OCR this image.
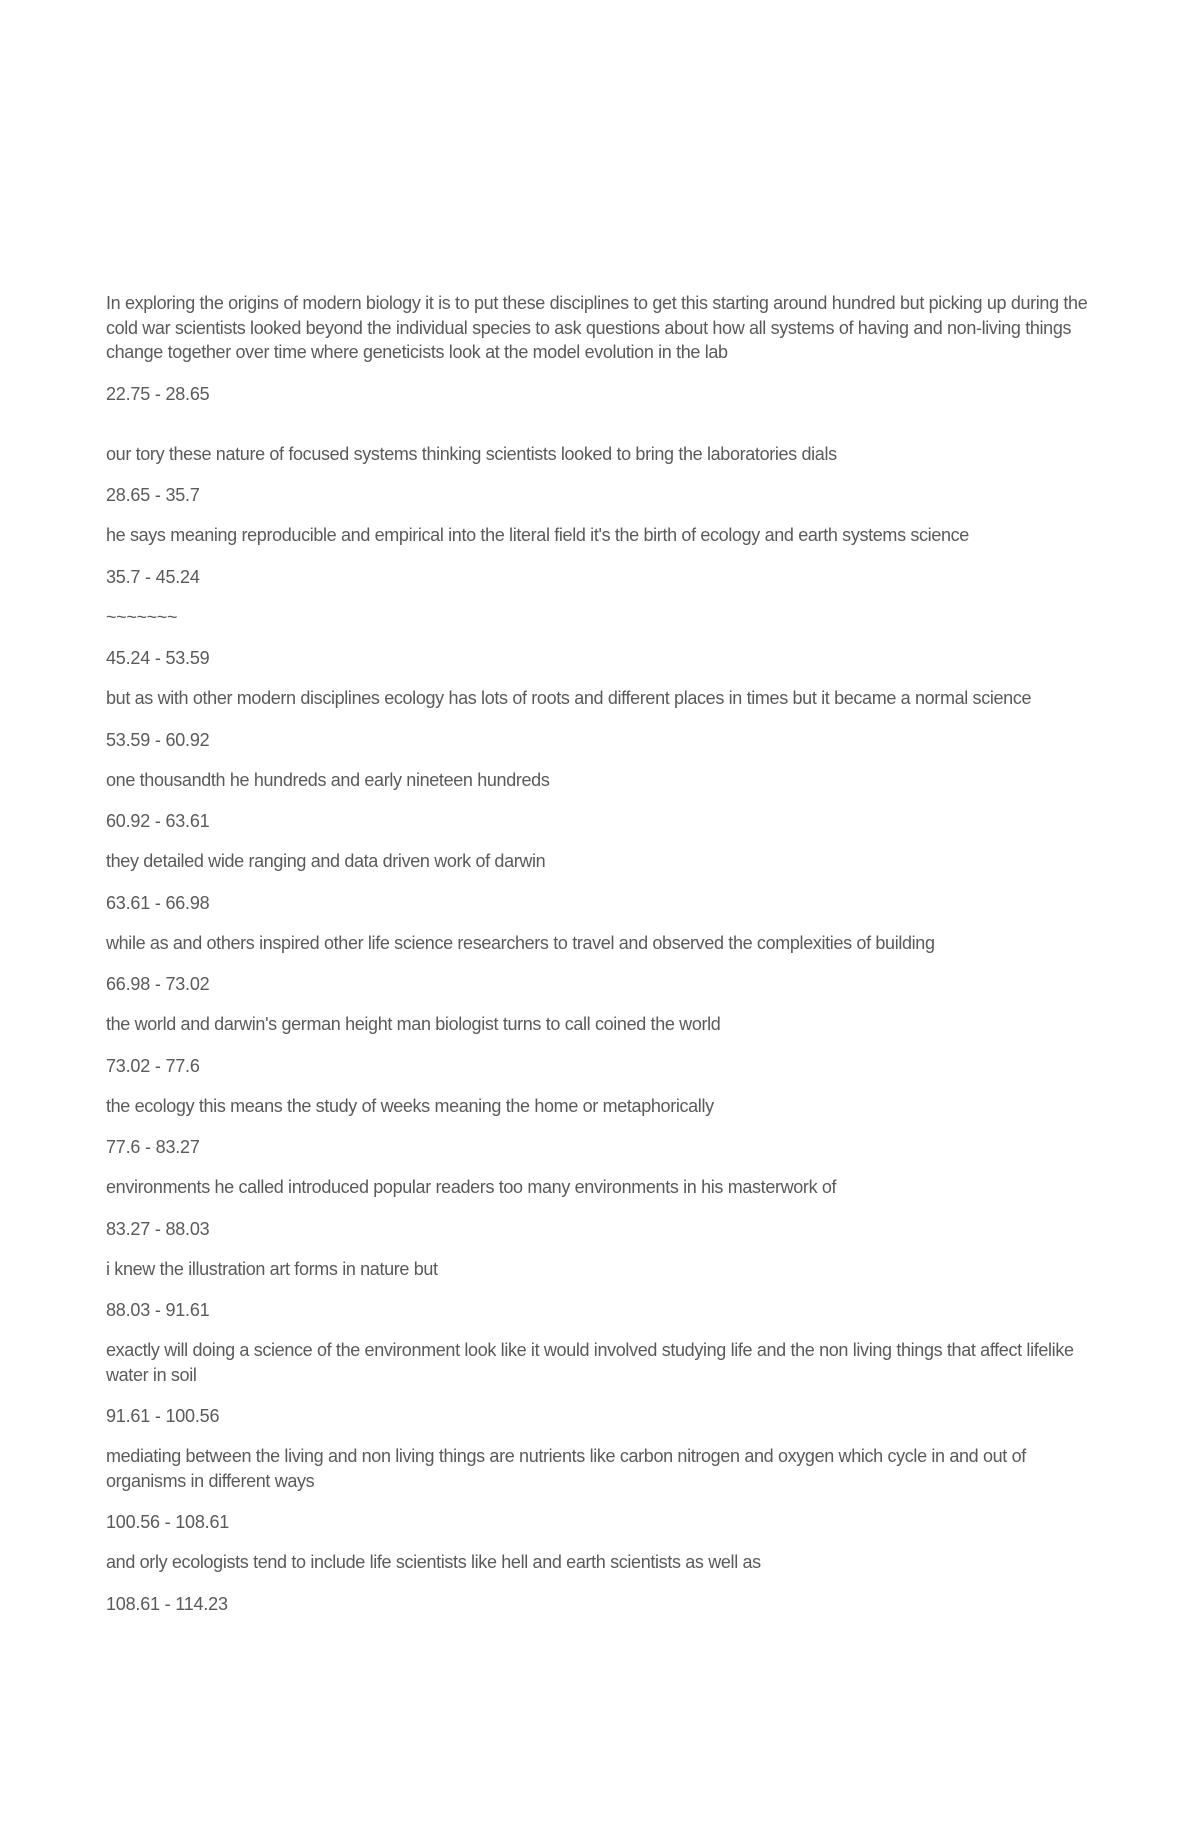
In exploring the origins of modern biology it is to put these disciplines to get this starting around hundred but picking up during the cold war scientists looked beyond the individual species to ask questions about how all systems of having and non-living things change together over time where geneticists look at the model evolution in the lab

22.75 - 28.65

our tory these nature of focused systems thinking scientists looked to bring the laboratories dials

28.65 - 35.7

he says meaning reproducible and empirical into the literal field it's the birth of ecology and earth systems science

35.7 - 45.24

~~~~~~~

45.24 - 53.59

but as with other modern disciplines ecology has lots of roots and different places in times but it became a normal science

53.59 - 60.92

one thousandth he hundreds and early nineteen hundreds

60.92 - 63.61

they detailed wide ranging and data driven work of darwin

63.61 - 66.98

while as and others inspired other life science researchers to travel and observed the complexities of building

66.98 - 73.02

the world and darwin's german height man biologist turns to call coined the world

73.02 - 77.6

the ecology this means the study of weeks meaning the home or metaphorically

77.6 - 83.27

environments he called introduced popular readers too many environments in his masterwork of

83.27 - 88.03

i knew the illustration art forms in nature but

88.03 - 91.61

exactly will doing a science of the environment look like it would involved studying life and the non living things that affect lifelike water in soil

91.61 - 100.56

mediating between the living and non living things are nutrients like carbon nitrogen and oxygen which cycle in and out of organisms in different ways

100.56 - 108.61

and orly ecologists tend to include life scientists like hell and earth scientists as well as

108.61 - 114.23
